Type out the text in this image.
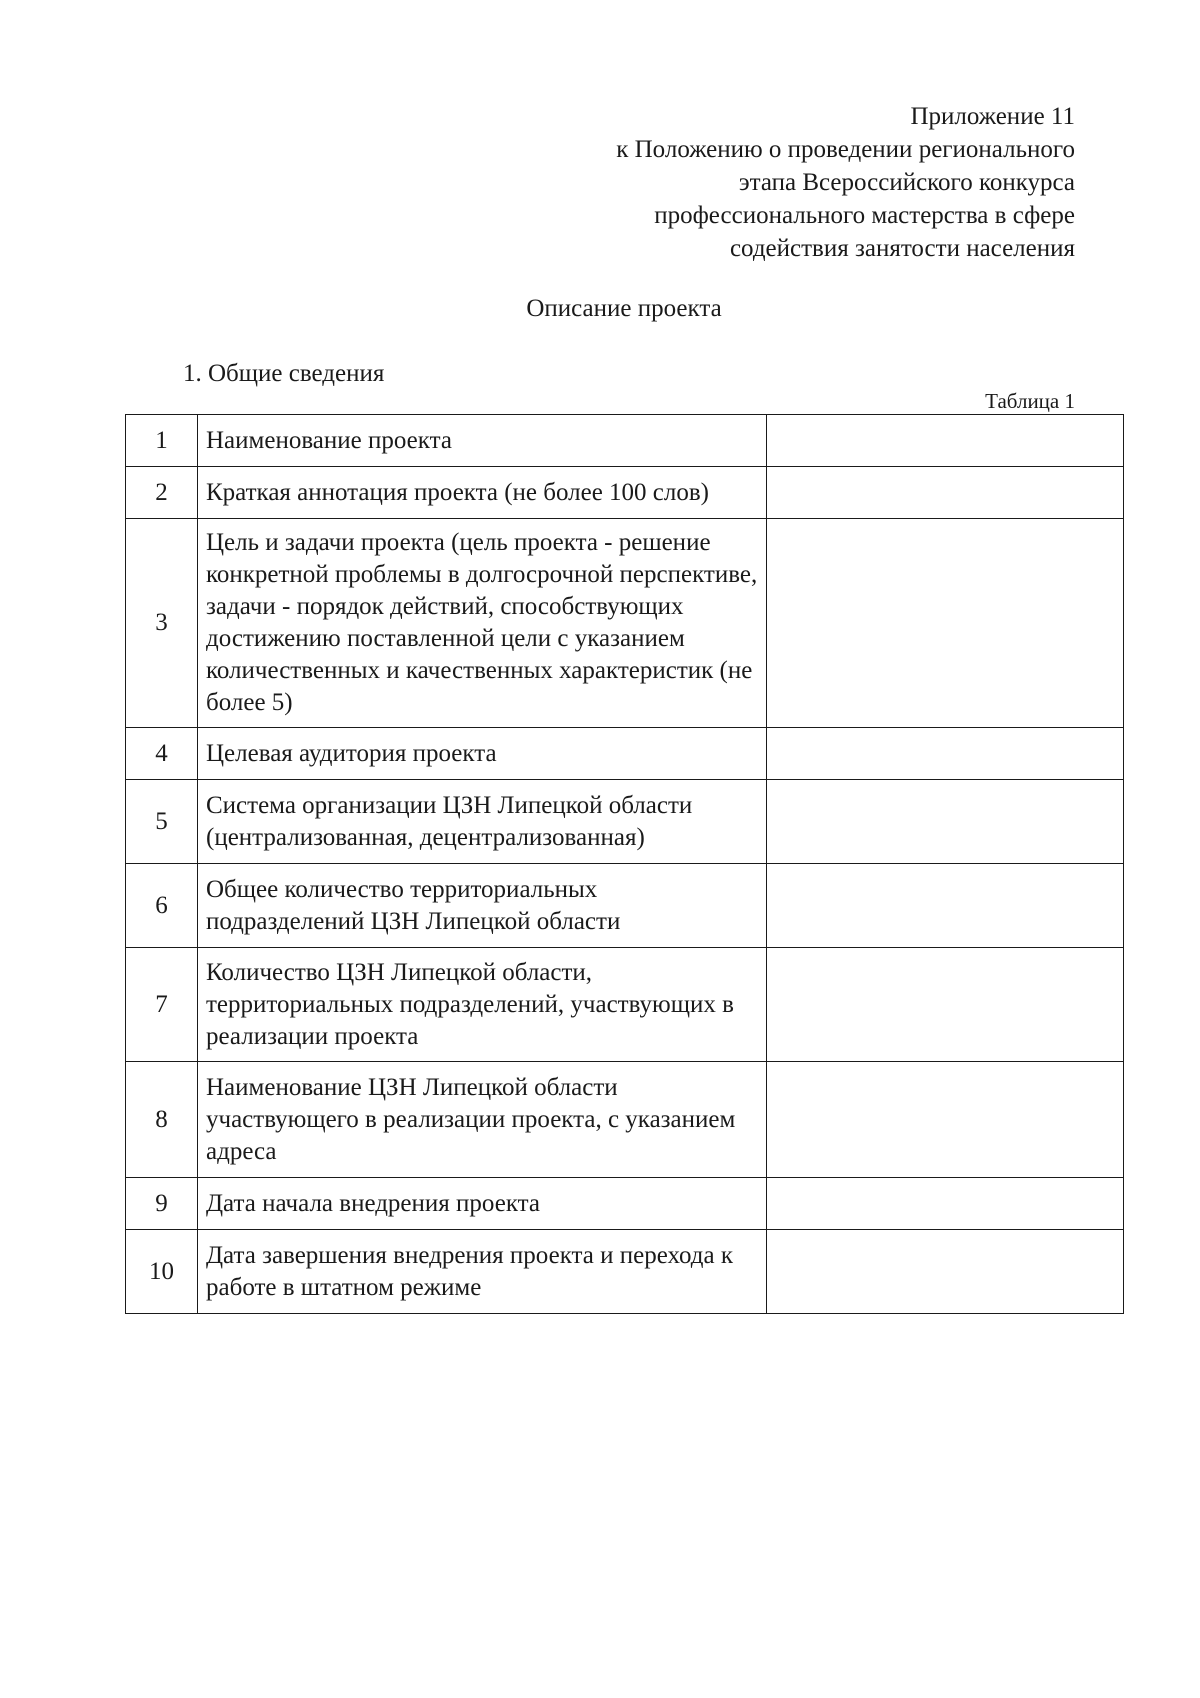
Приложение 11
к Положению о проведении регионального
этапа Всероссийского конкурса
профессионального мастерства в сфере
содействия занятости населения
Описание проекта
1. Общие сведения
Таблица 1
1	Наименование проекта	
2	Краткая аннотация проекта (не более 100 слов)	
3	Цель и задачи проекта (цель проекта - решение конкретной проблемы в долгосрочной перспективе, задачи - порядок действий, способствующих достижению поставленной цели с указанием количественных и качественных характеристик (не более 5)	
4	Целевая аудитория проекта	
5	Система организации ЦЗН Липецкой области (централизованная, децентрализованная)	
6	Общее количество территориальных подразделений ЦЗН Липецкой области	
7	Количество ЦЗН Липецкой области, территориальных подразделений, участвующих в реализации проекта	
8	Наименование ЦЗН Липецкой области участвующего в реализации проекта, с указанием адреса	
9	Дата начала внедрения проекта	
10	Дата завершения внедрения проекта и перехода к работе в штатном режиме	
